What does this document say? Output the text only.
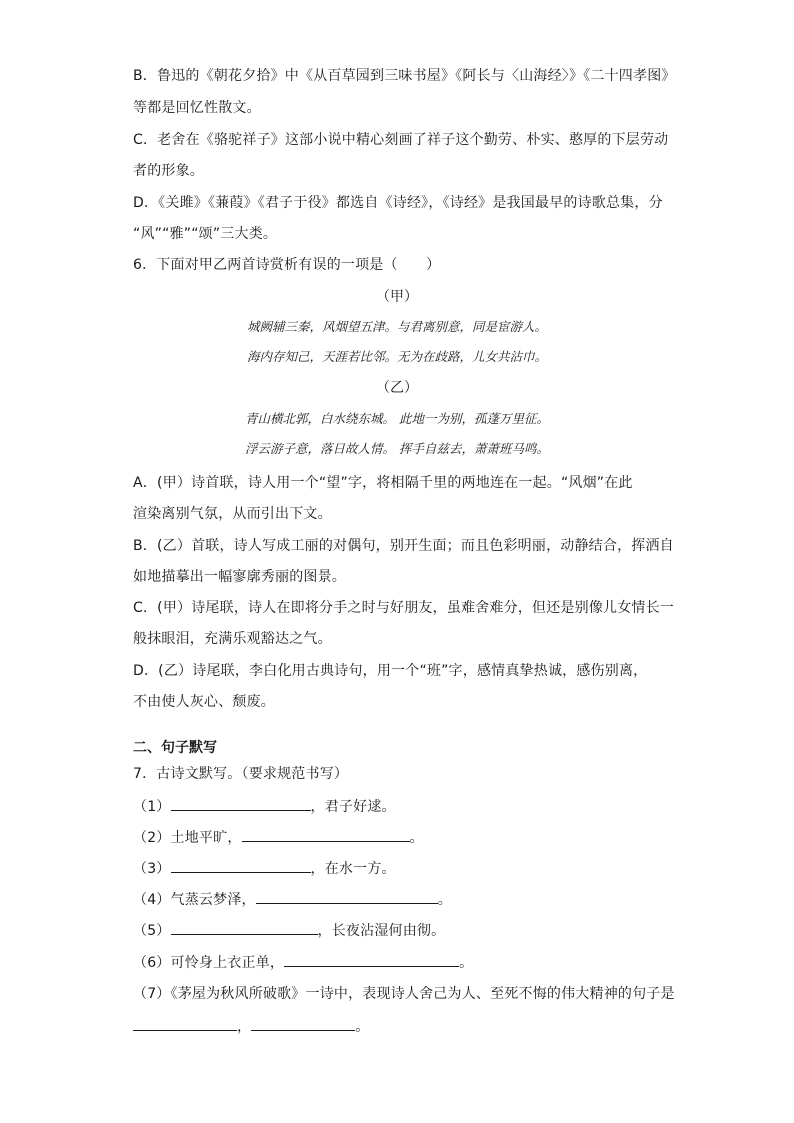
B．鲁迅的《朝花夕拾》中《从百草园到三味书屋》《阿长与〈山海经〉》《二十四孝图》
等都是回忆性散文。
C．老舍在《骆驼祥子》这部小说中精心刻画了祥子这个勤劳、朴实、憨厚的下层劳动
者的形象。
D．《关雎》《蒹葭》《君子于役》都选自《诗经》，《诗经》是我国最早的诗歌总集，分
“风”“雅”“颂”三大类。
6．下面对甲乙两首诗赏析有误的一项是（　　）
（甲）
城阙辅三秦，风烟望五津。与君离别意，同是宦游人。
海内存知己，天涯若比邻。无为在歧路，儿女共沾巾。
（乙）
青山横北郭，白水绕东城。 此地一为别，孤蓬万里征。
浮云游子意，落日故人情。 挥手自兹去，萧萧班马鸣。
A．(甲）诗首联，诗人用一个“望”字，将相隔千里的两地连在一起。“风烟”在此
渲染离别气氛，从而引出下文。
B．(乙）首联，诗人写成工丽的对偶句，别开生面；而且色彩明丽，动静结合，挥洒自
如地描摹出一幅寥廓秀丽的图景。
C．(甲）诗尾联，诗人在即将分手之时与好朋友，虽难舍难分，但还是别像儿女情长一
般抹眼泪，充满乐观豁达之气。
D．(乙）诗尾联，李白化用古典诗句，用一个“班”字，感情真挚热诚，感伤别离，
不由使人灰心、颓废。
二、句子默写
7．古诗文默写。（要求规范书写）
（1）	，君子好逑。
（2）土地平旷，	。
（3）	，在水一方。
（4）气蒸云梦泽，	。
（5）	，长夜沾湿何由彻。
（6）可怜身上衣正单，	。
（7）《茅屋为秋风所破歌》一诗中，表现诗人舍己为人、至死不悔的伟大精神的句子是
，	。
